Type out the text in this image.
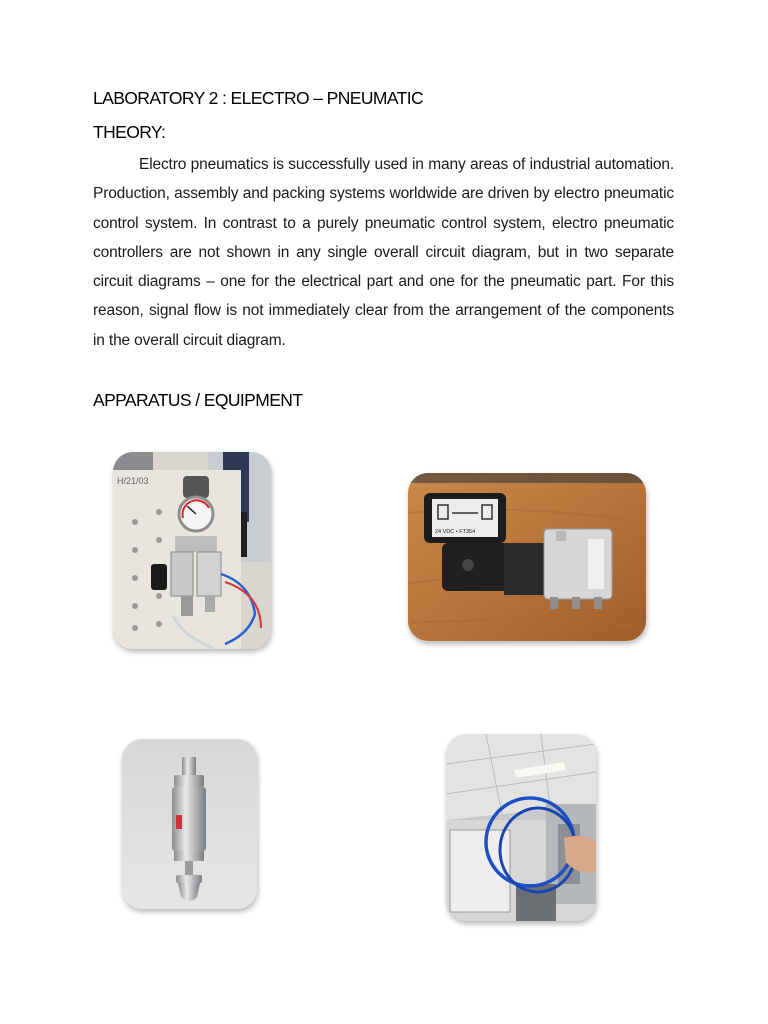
LABORATORY 2 : ELECTRO – PNEUMATIC
THEORY:

Electro pneumatics is successfully used in many areas of industrial automation. Production, assembly and packing systems worldwide are driven by electro pneumatic control system. In contrast to a purely pneumatic control system, electro pneumatic controllers are not shown in any single overall circuit diagram, but in two separate circuit diagrams – one for the electrical part and one for the pneumatic part. For this reason, signal flow is not immediately clear from the arrangement of the components in the overall circuit diagram.

APPARATUS / EQUIPMENT
H/21/03
24 VDC • FT354
